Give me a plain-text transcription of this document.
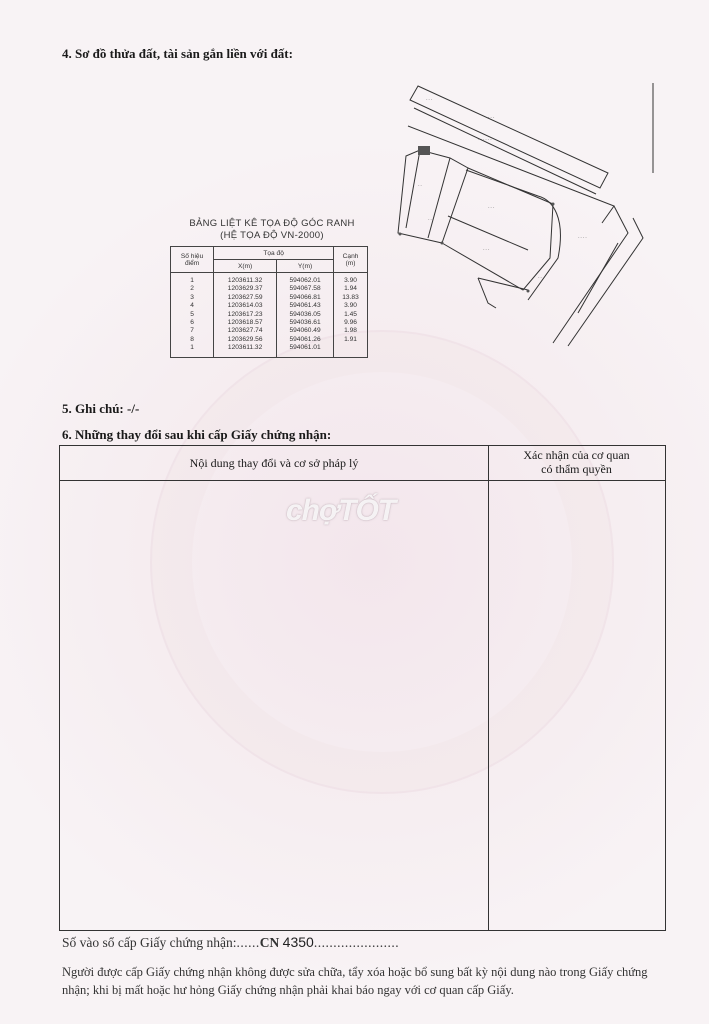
4. Sơ đồ thửa đất, tài sản gắn liền với đất:
- - -
- - -
- - - - - -
- -
- -
- - -
- - -
- -
- - - -
BẢNG LIỆT KÊ TỌA ĐỘ GÓC RANH
(HỆ TỌA ĐỘ VN-2000)
Số hiệu
điểm	Tọa độ		Cạnh
(m)
	X(m)	Y(m)	
1	1203611.32	594062.01	3.90
2	1203629.37	594067.58	1.94
3	1203627.59	594066.81	13.83
4	1203614.03	594061.43	3.90
5	1203617.23	594036.05	1.45
6	1203618.57	594036.61	9.96
7	1203627.74	594060.49	1.98
8	1203629.56	594061.26	1.91
1	1203611.32	594061.01	
5. Ghi chú: -/-
6. Những thay đổi sau khi cấp Giấy chứng nhận:
Nội dung thay đổi và cơ sở pháp lý
Xác nhận của cơ quan
có thẩm quyền
chợTỐT
Số vào sổ cấp Giấy chứng nhận:......CN 4350......................
Người được cấp Giấy chứng nhận không được sửa chữa, tẩy xóa hoặc bổ sung bất kỳ nội dung nào trong Giấy chứng nhận; khi bị mất hoặc hư hỏng Giấy chứng nhận phải khai báo ngay với cơ quan cấp Giấy.
